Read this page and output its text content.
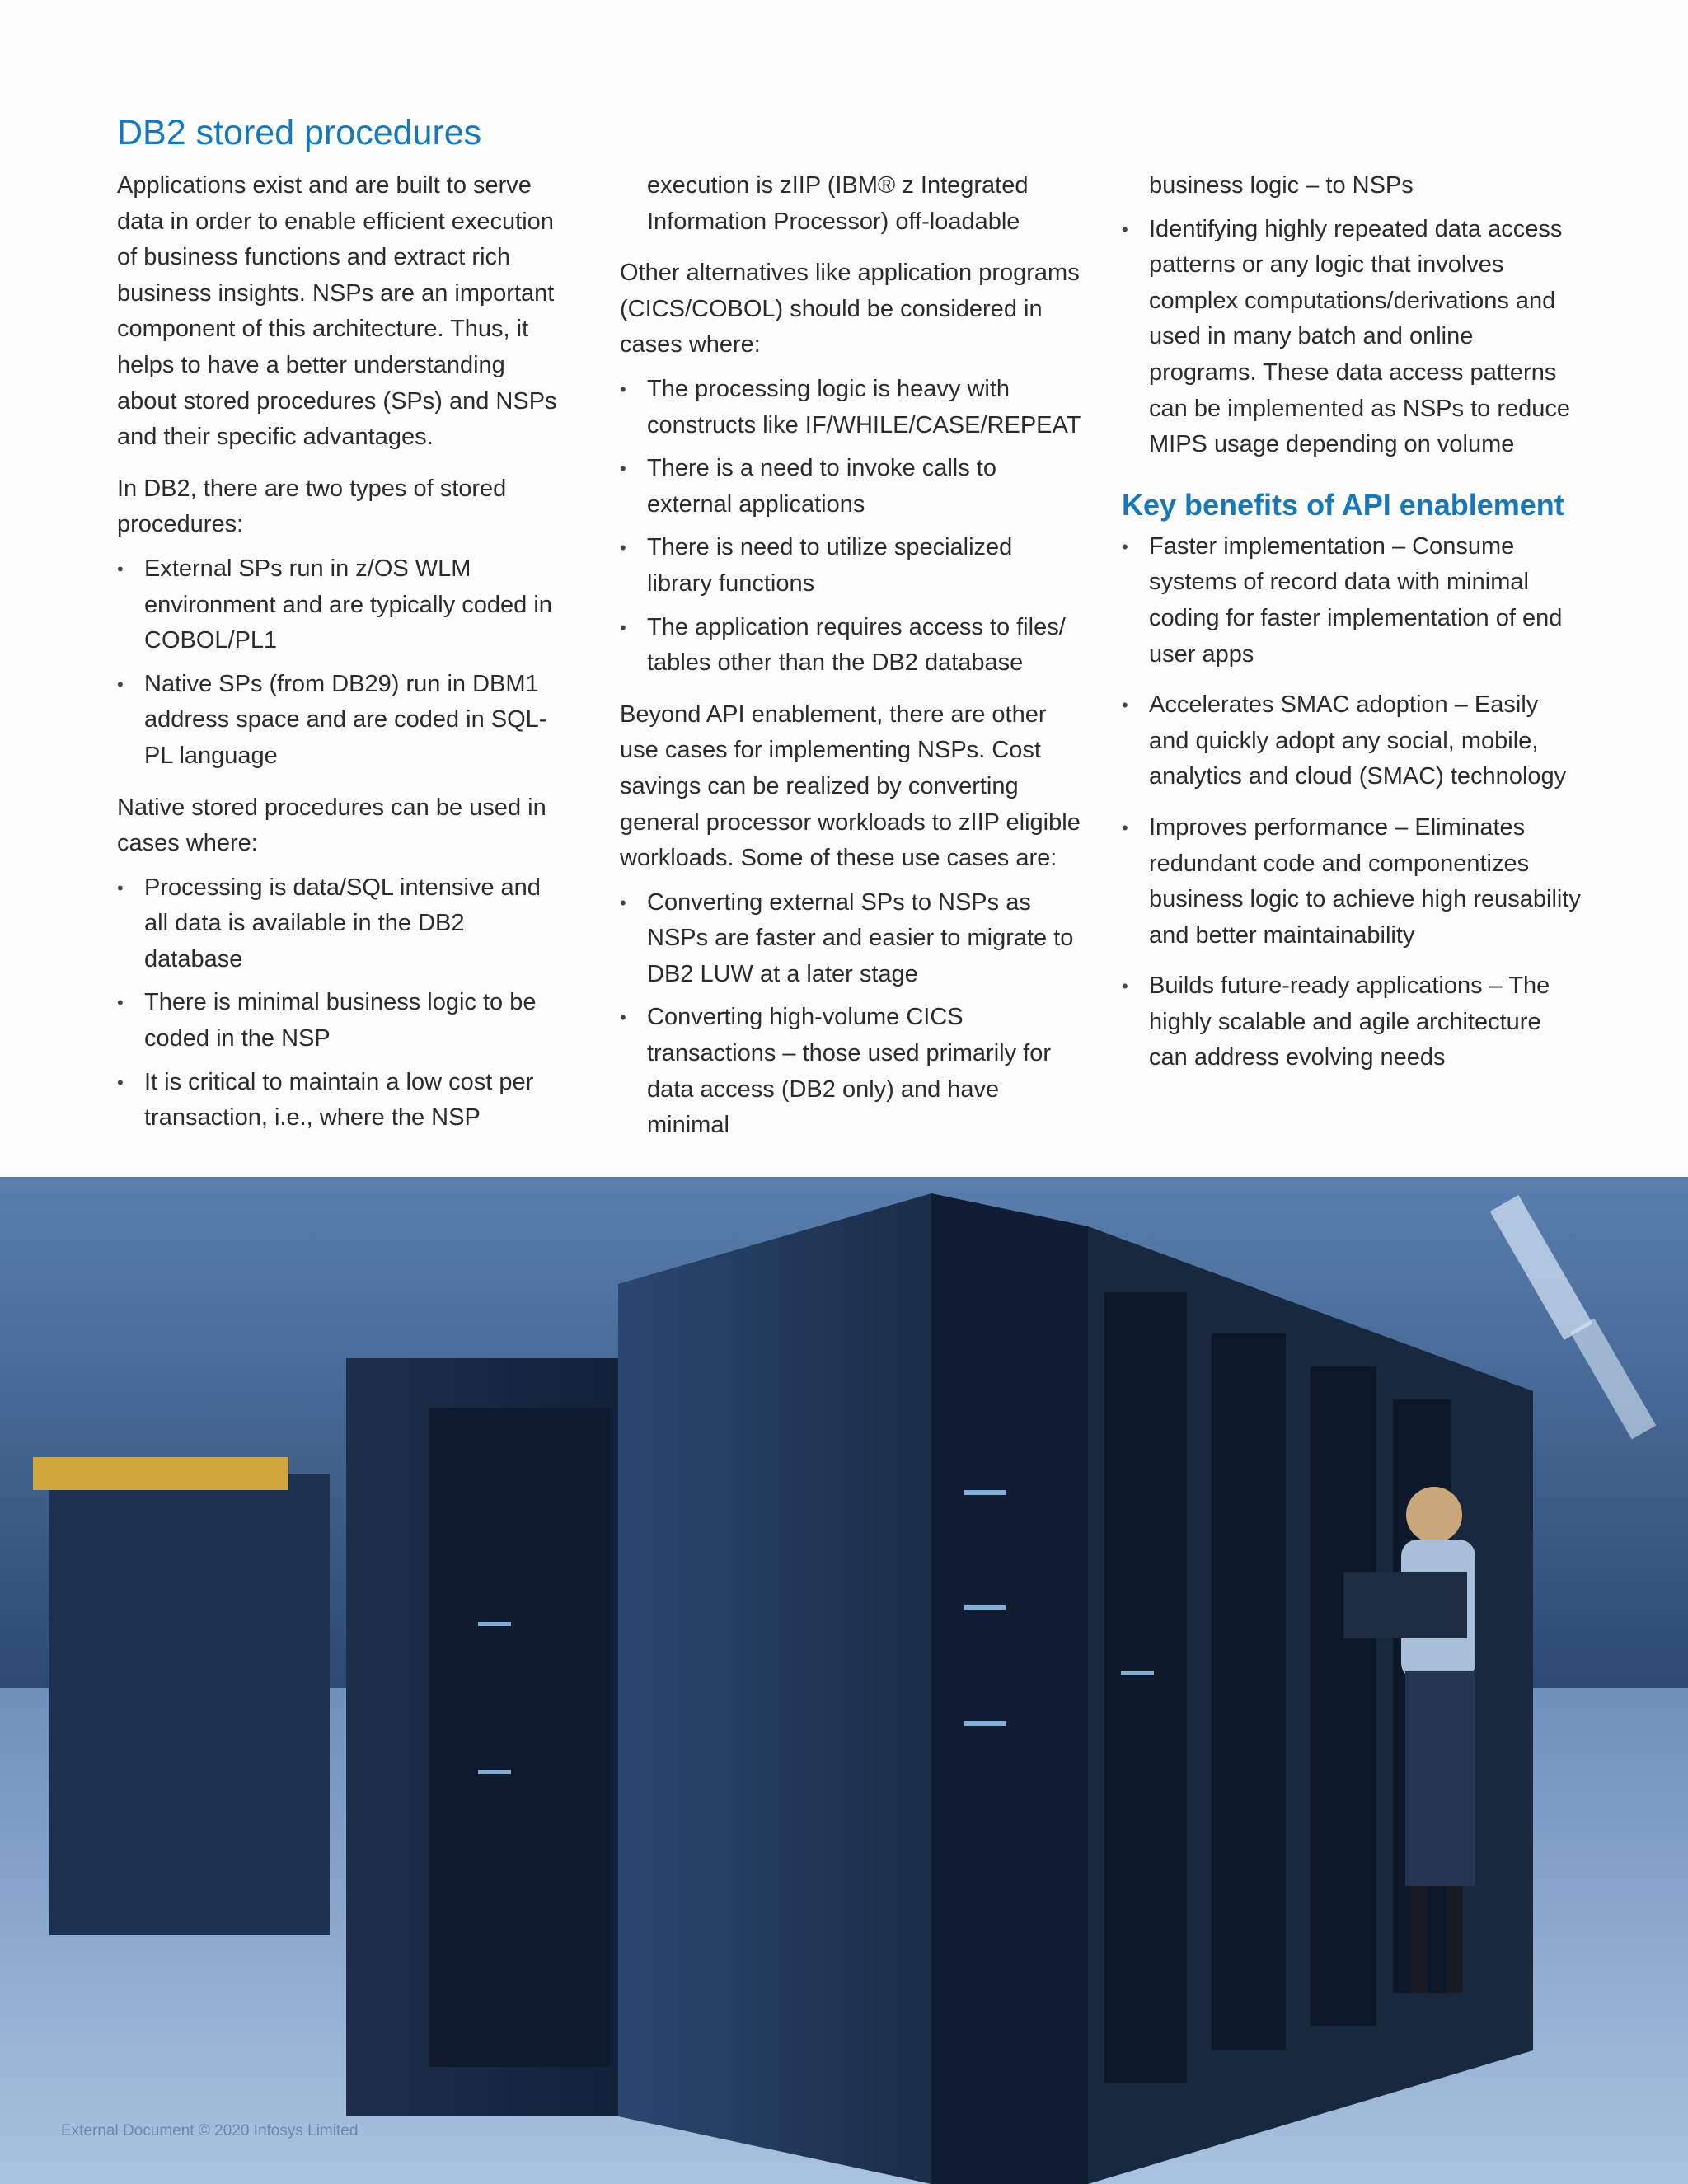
DB2 stored procedures

Applications exist and are built to serve data in order to enable efficient execution of business functions and extract rich business insights. NSPs are an important component of this architecture. Thus, it helps to have a better understanding about stored procedures (SPs) and NSPs and their specific advantages.

In DB2, there are two types of stored procedures:

• External SPs run in z/OS WLM environment and are typically coded in COBOL/PL1
• Native SPs (from DB29) run in DBM1 address space and are coded in SQL-PL language

Native stored procedures can be used in cases where:

• Processing is data/SQL intensive and all data is available in the DB2 database
• There is minimal business logic to be coded in the NSP
• It is critical to maintain a low cost per transaction, i.e., where the NSP

execution is zIIP (IBM® z Integrated Information Processor) off-loadable

Other alternatives like application programs (CICS/COBOL) should be considered in cases where:

• The processing logic is heavy with constructs like IF/WHILE/CASE/REPEAT
• There is a need to invoke calls to external applications
• There is need to utilize specialized library functions
• The application requires access to files/ tables other than the DB2 database

Beyond API enablement, there are other use cases for implementing NSPs. Cost savings can be realized by converting general processor workloads to zIIP eligible workloads. Some of these use cases are:

• Converting external SPs to NSPs as NSPs are faster and easier to migrate to DB2 LUW at a later stage
• Converting high-volume CICS transactions – those used primarily for data access (DB2 only) and have minimal

business logic – to NSPs

• Identifying highly repeated data access patterns or any logic that involves complex computations/derivations and used in many batch and online programs. These data access patterns can be implemented as NSPs to reduce MIPS usage depending on volume
Key benefits of API enablement
• Faster implementation – Consume systems of record data with minimal coding for faster implementation of end user apps
• Accelerates SMAC adoption – Easily and quickly adopt any social, mobile, analytics and cloud (SMAC) technology
• Improves performance – Eliminates redundant code and componentizes business logic to achieve high reusability and better maintainability
• Builds future-ready applications – The highly scalable and agile architecture can address evolving needs
External Document © 2020 Infosys Limited
